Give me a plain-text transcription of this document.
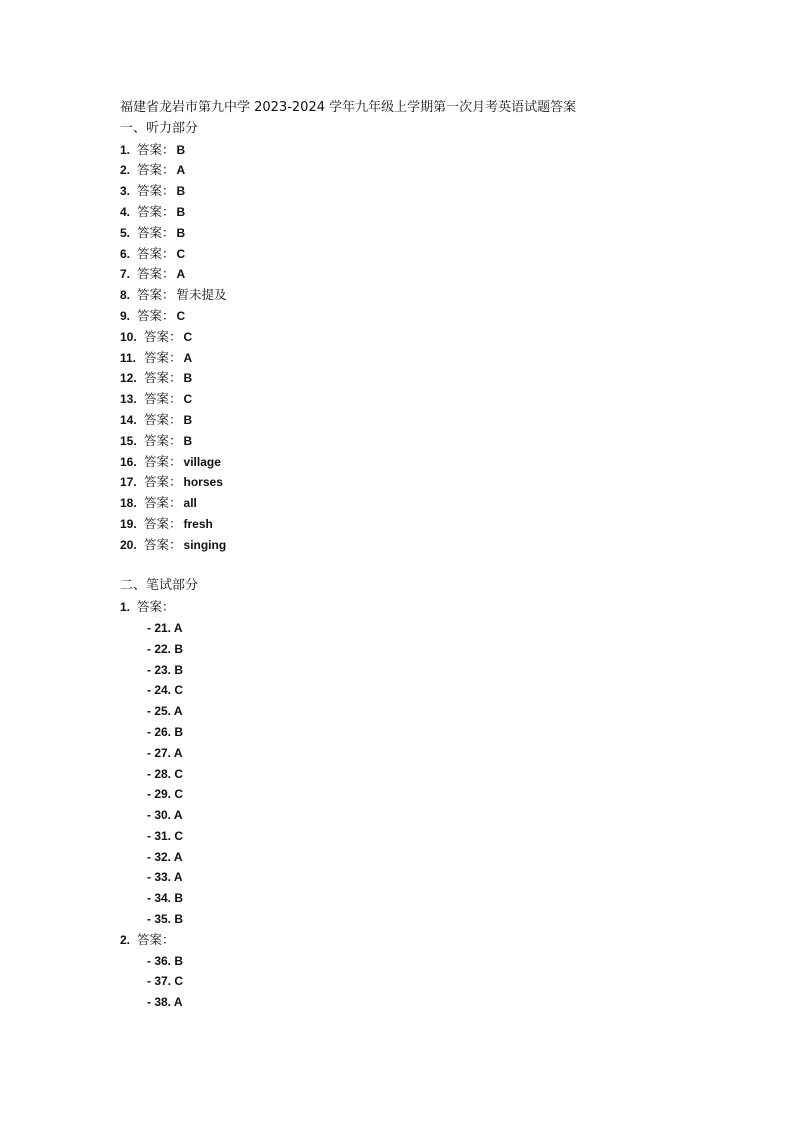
福建省龙岩市第九中学 2023-2024 学年九年级上学期第一次月考英语试题答案
一、听力部分
1. 答案： B
2. 答案： A
3. 答案： B
4. 答案： B
5. 答案： B
6. 答案： C
7. 答案： A
8. 答案： 暂未提及
9. 答案： C
10. 答案： C
11. 答案： A
12. 答案： B
13. 答案： C
14. 答案： B
15. 答案： B
16. 答案： village
17. 答案： horses
18. 答案： all
19. 答案： fresh
20. 答案： singing
二、笔试部分
1. 答案：
- 21. A
- 22. B
- 23. B
- 24. C
- 25. A
- 26. B
- 27. A
- 28. C
- 29. C
- 30. A
- 31. C
- 32. A
- 33. A
- 34. B
- 35. B
2. 答案：
- 36. B
- 37. C
- 38. A
